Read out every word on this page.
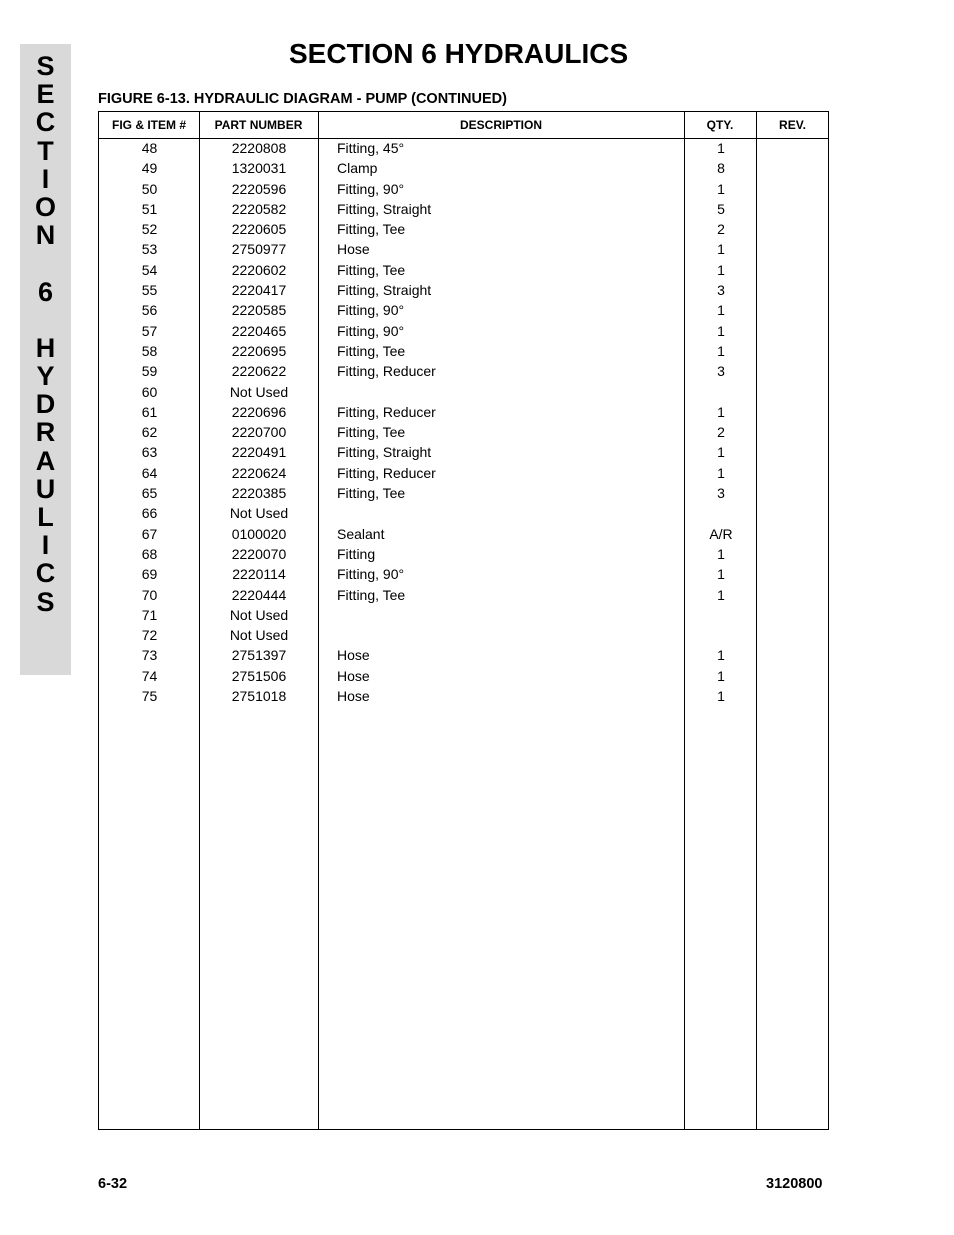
S
E
C
T
I
O
N
6
H
Y
D
R
A
U
L
I
C
S
SECTION 6 HYDRAULICS
FIGURE 6-13. HYDRAULIC DIAGRAM - PUMP (CONTINUED)
FIG & ITEM #	PART NUMBER	DESCRIPTION	QTY.	REV.
48	2220808	Fitting, 45°	1
49	1320031	Clamp	8
50	2220596	Fitting, 90°	1
51	2220582	Fitting, Straight	5
52	2220605	Fitting, Tee	2
53	2750977	Hose	1
54	2220602	Fitting, Tee	1
55	2220417	Fitting, Straight	3
56	2220585	Fitting, 90°	1
57	2220465	Fitting, 90°	1
58	2220695	Fitting, Tee	1
59	2220622	Fitting, Reducer	3
60	Not Used
61	2220696	Fitting, Reducer	1
62	2220700	Fitting, Tee	2
63	2220491	Fitting, Straight	1
64	2220624	Fitting, Reducer	1
65	2220385	Fitting, Tee	3
66	Not Used
67	0100020	Sealant	A/R
68	2220070	Fitting	1
69	2220114	Fitting, 90°	1
70	2220444	Fitting, Tee	1
71	Not Used
72	Not Used
73	2751397	Hose	1
74	2751506	Hose	1
75	2751018	Hose	1
6-32	3120800
